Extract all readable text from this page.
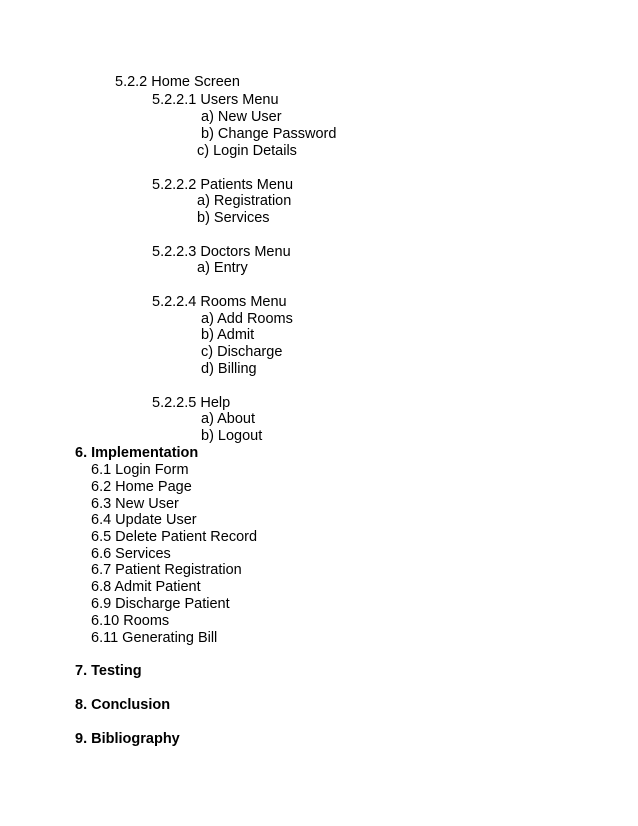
5.2.2 Home Screen
5.2.2.1 Users Menu
a) New User
b) Change Password
c) Login Details
5.2.2.2 Patients Menu
a) Registration
b) Services
5.2.2.3 Doctors Menu
a) Entry
5.2.2.4 Rooms Menu
a) Add Rooms
b) Admit
c) Discharge
d) Billing
5.2.2.5 Help
a) About
b) Logout
6. Implementation
6.1 Login Form
6.2 Home Page
6.3 New User
6.4 Update User
6.5 Delete Patient Record
6.6 Services
6.7 Patient Registration
6.8 Admit Patient
6.9 Discharge Patient
6.10 Rooms
6.11 Generating Bill
7. Testing
8. Conclusion
9. Bibliography
